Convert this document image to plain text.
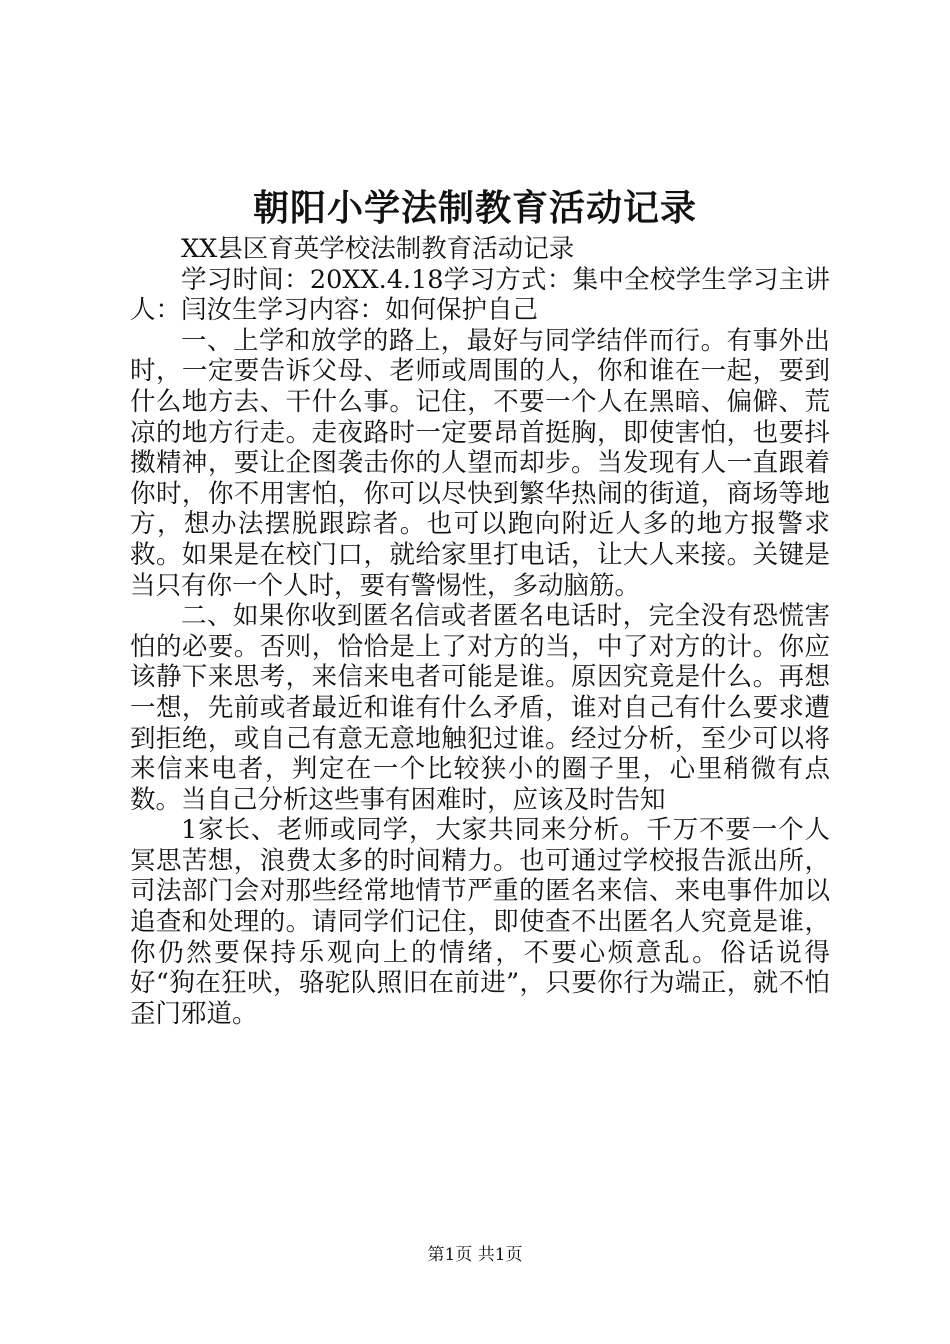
朝阳小学法制教育活动记录

XX县区育英学校法制教育活动记录

学习时间：20XX.4.18学习方式：集中全校学生学习主讲人：闫汝生学习内容：如何保护自己

一、上学和放学的路上，最好与同学结伴而行。有事外出时，一定要告诉父母、老师或周围的人，你和谁在一起，要到什么地方去、干什么事。记住，不要一个人在黑暗、偏僻、荒凉的地方行走。走夜路时一定要昂首挺胸，即使害怕，也要抖擞精神，要让企图袭击你的人望而却步。当发现有人一直跟着你时，你不用害怕，你可以尽快到繁华热闹的街道，商场等地方，想办法摆脱跟踪者。也可以跑向附近人多的地方报警求救。如果是在校门口，就给家里打电话，让大人来接。关键是当只有你一个人时，要有警惕性，多动脑筋。

二、如果你收到匿名信或者匿名电话时，完全没有恐慌害怕的必要。否则，恰恰是上了对方的当，中了对方的计。你应该静下来思考，来信来电者可能是谁。原因究竟是什么。再想一想，先前或者最近和谁有什么矛盾，谁对自己有什么要求遭到拒绝，或自己有意无意地触犯过谁。经过分析，至少可以将来信来电者，判定在一个比较狭小的圈子里，心里稍微有点数。当自己分析这些事有困难时，应该及时告知

1家长、老师或同学，大家共同来分析。千万不要一个人冥思苦想，浪费太多的时间精力。也可通过学校报告派出所，司法部门会对那些经常地情节严重的匿名来信、来电事件加以追查和处理的。请同学们记住，即使查不出匿名人究竟是谁，你仍然要保持乐观向上的情绪，不要心烦意乱。俗话说得好“狗在狂吠，骆驼队照旧在前进”，只要你行为端正，就不怕歪门邪道。

第1页 共1页
